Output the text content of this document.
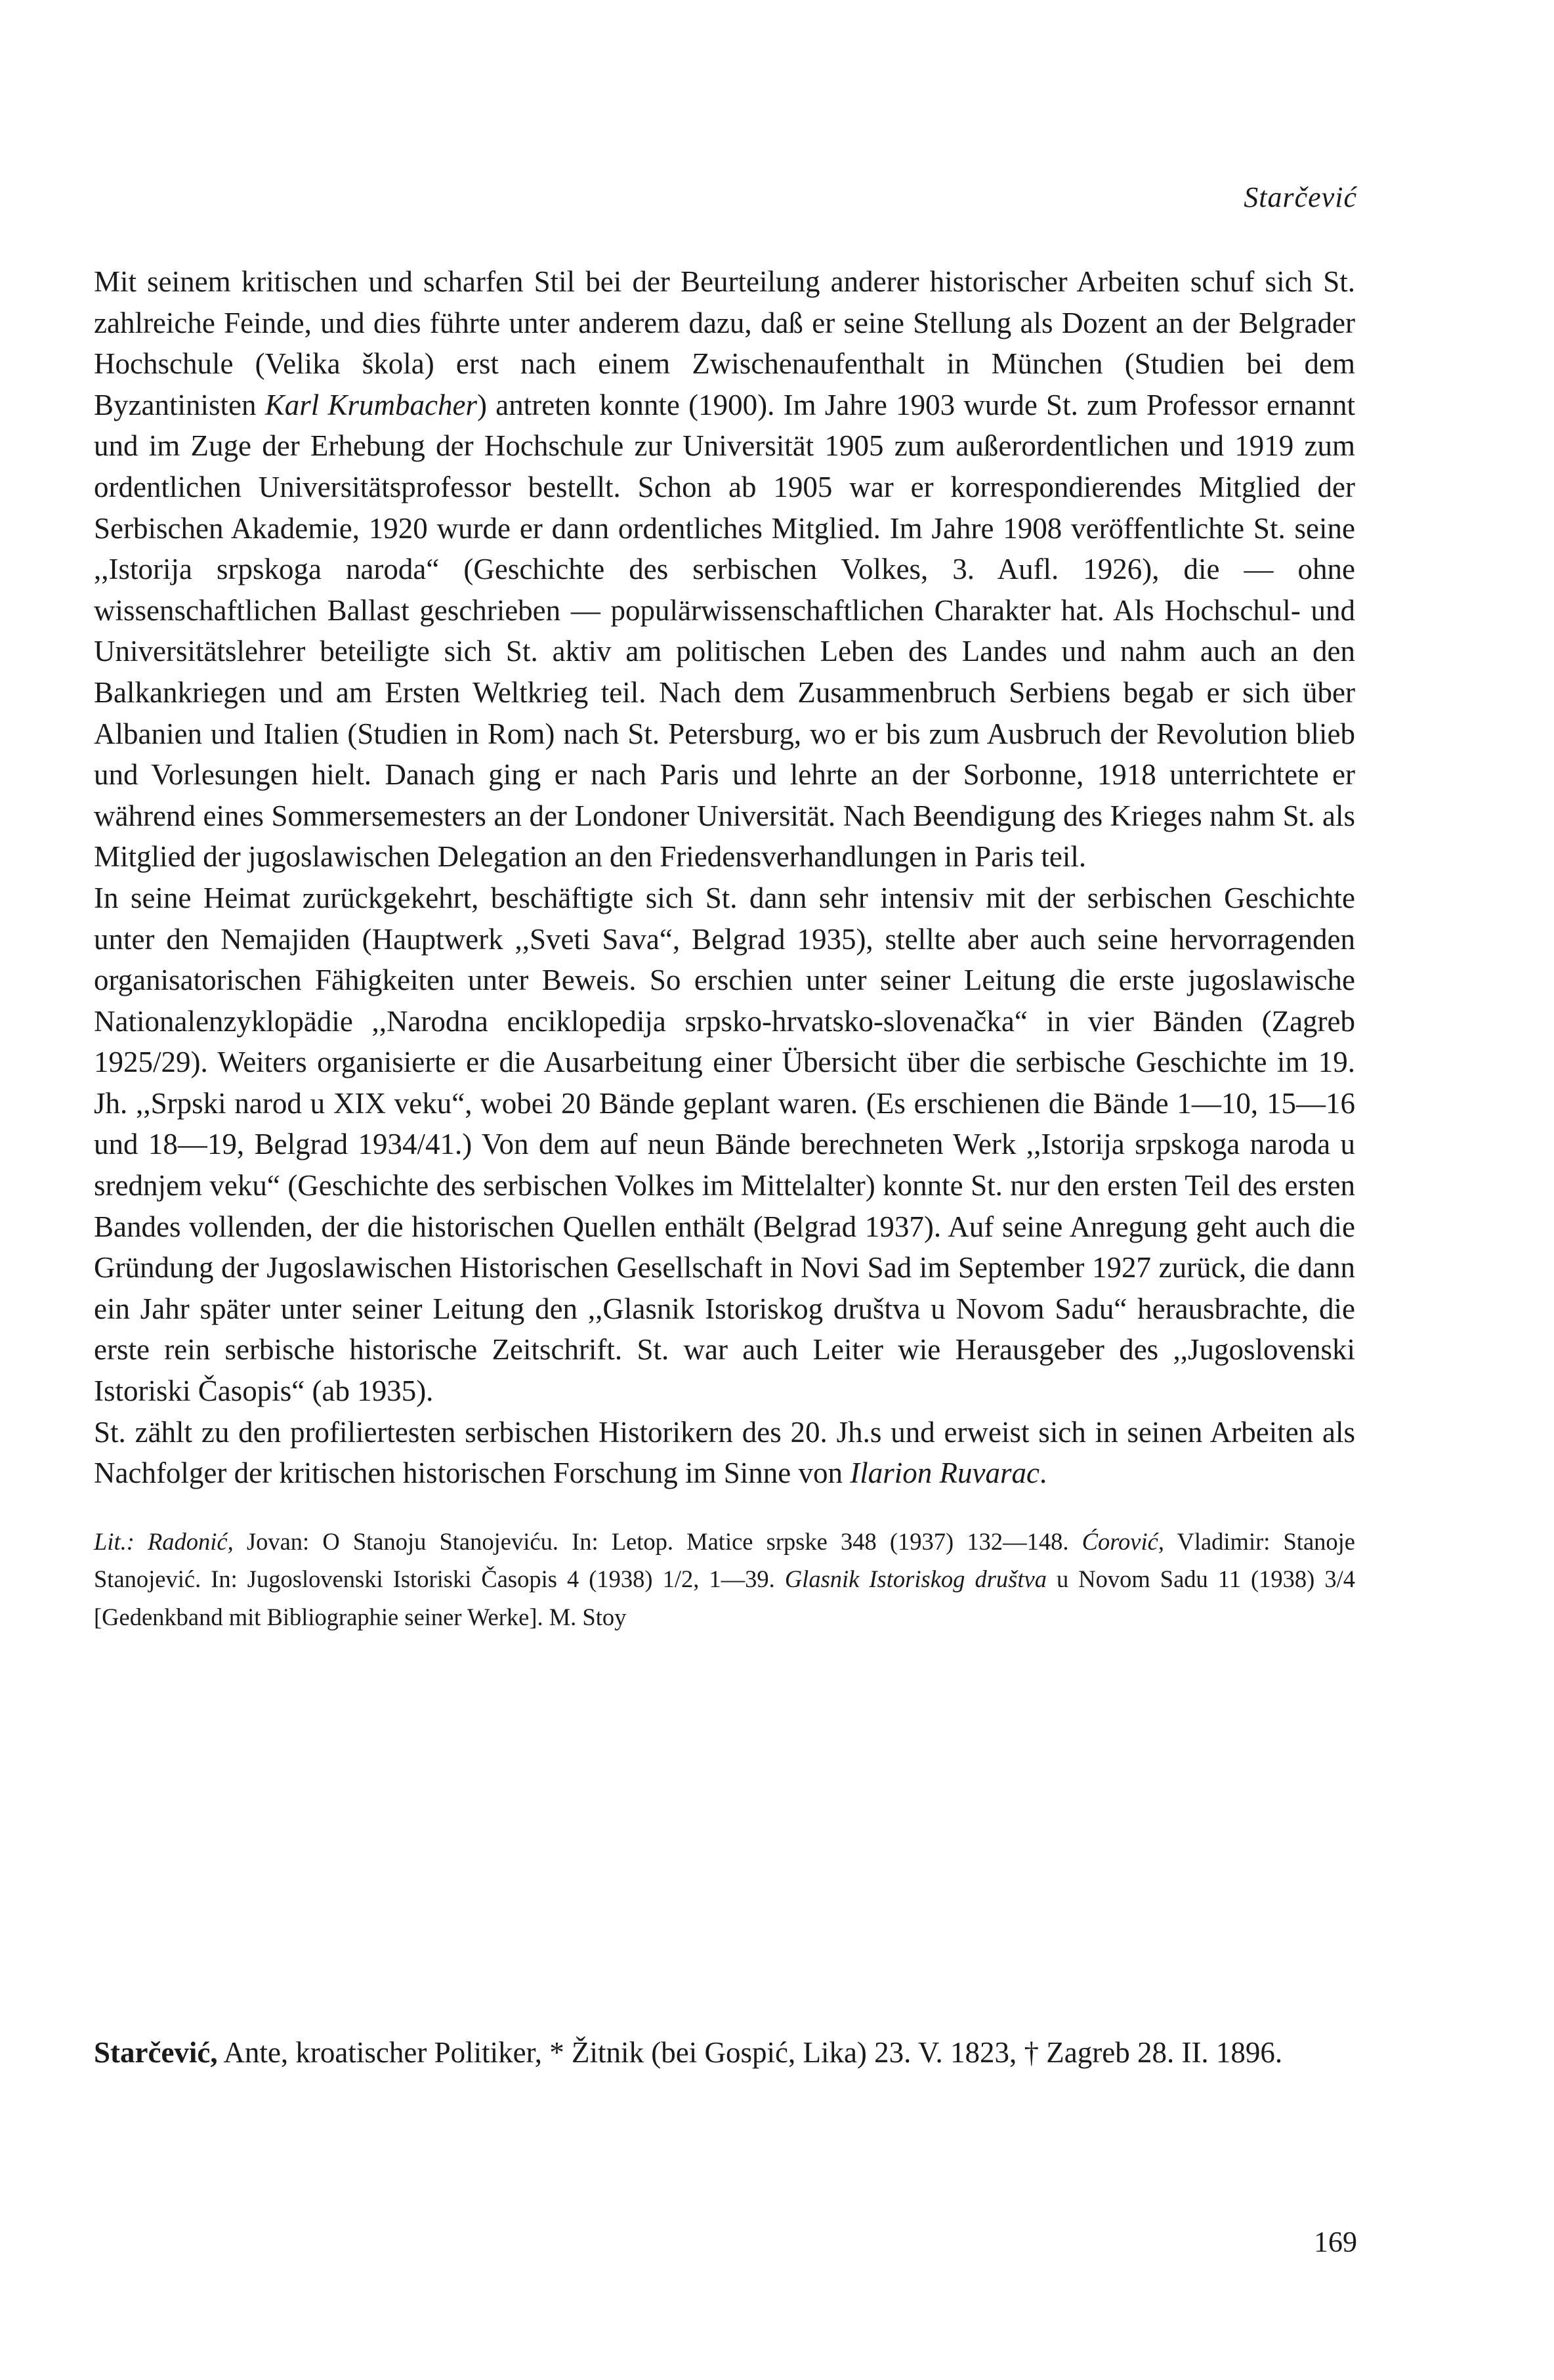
Starčević

Mit seinem kritischen und scharfen Stil bei der Beurteilung anderer historischer Arbeiten schuf sich St. zahlreiche Feinde, und dies führte unter anderem dazu, daß er seine Stellung als Dozent an der Belgrader Hochschule (Velika škola) erst nach einem Zwischenaufenthalt in München (Studien bei dem Byzantinisten Karl Krumbacher) antreten konnte (1900). Im Jahre 1903 wurde St. zum Professor ernannt und im Zuge der Erhebung der Hochschule zur Universität 1905 zum außerordentlichen und 1919 zum ordentlichen Universitätsprofessor bestellt. Schon ab 1905 war er korrespondierendes Mitglied der Serbischen Akademie, 1920 wurde er dann ordentliches Mitglied. Im Jahre 1908 veröffentlichte St. seine ,,Istorija srpskoga naroda“ (Geschichte des serbischen Volkes, 3. Aufl. 1926), die — ohne wissenschaftlichen Ballast geschrieben — populärwissenschaftlichen Charakter hat. Als Hochschul- und Universitätslehrer beteiligte sich St. aktiv am politischen Leben des Landes und nahm auch an den Balkankriegen und am Ersten Weltkrieg teil. Nach dem Zusammenbruch Serbiens begab er sich über Albanien und Italien (Studien in Rom) nach St. Petersburg, wo er bis zum Ausbruch der Revolution blieb und Vorlesungen hielt. Danach ging er nach Paris und lehrte an der Sorbonne, 1918 unterrichtete er während eines Sommersemesters an der Londoner Universität. Nach Beendigung des Krieges nahm St. als Mitglied der jugoslawischen Delegation an den Friedensverhandlungen in Paris teil.

In seine Heimat zurückgekehrt, beschäftigte sich St. dann sehr intensiv mit der serbischen Geschichte unter den Nemajiden (Hauptwerk ,,Sveti Sava“, Belgrad 1935), stellte aber auch seine hervorragenden organisatorischen Fähigkeiten unter Beweis. So erschien unter seiner Leitung die erste jugoslawische Nationalenzyklopädie ,,Narodna enciklopedija srpsko-hrvatsko-slovenačka“ in vier Bänden (Zagreb 1925/29). Weiters organisierte er die Ausarbeitung einer Übersicht über die serbische Geschichte im 19. Jh. ,,Srpski narod u XIX veku“, wobei 20 Bände geplant waren. (Es erschienen die Bände 1—10, 15—16 und 18—19, Belgrad 1934/41.) Von dem auf neun Bände berechneten Werk ,,Istorija srpskoga naroda u srednjem veku“ (Geschichte des serbischen Volkes im Mittelalter) konnte St. nur den ersten Teil des ersten Bandes vollenden, der die historischen Quellen enthält (Belgrad 1937). Auf seine Anregung geht auch die Gründung der Jugoslawischen Historischen Gesellschaft in Novi Sad im September 1927 zurück, die dann ein Jahr später unter seiner Leitung den ,,Glasnik Istoriskog društva u Novom Sadu“ herausbrachte, die erste rein serbische historische Zeitschrift. St. war auch Leiter wie Herausgeber des ,,Jugoslovenski Istoriski Časopis“ (ab 1935).

St. zählt zu den profiliertesten serbischen Historikern des 20. Jh.s und erweist sich in seinen Arbeiten als Nachfolger der kritischen historischen Forschung im Sinne von Ilarion Ruvarac.

Lit.: Radonić, Jovan: O Stanoju Stanojeviću. In: Letop. Matice srpske 348 (1937) 132—148. Ćorović, Vladimir: Stanoje Stanojević. In: Jugoslovenski Istoriski Časopis 4 (1938) 1/2, 1—39. Glasnik Istoriskog društva u Novom Sadu 11 (1938) 3/4 [Gedenkband mit Bibliographie seiner Werke]. M. Stoy

Starčević, Ante, kroatischer Politiker, * Žitnik (bei Gospić, Lika) 23. V. 1823, † Zagreb 28. II. 1896.
169
